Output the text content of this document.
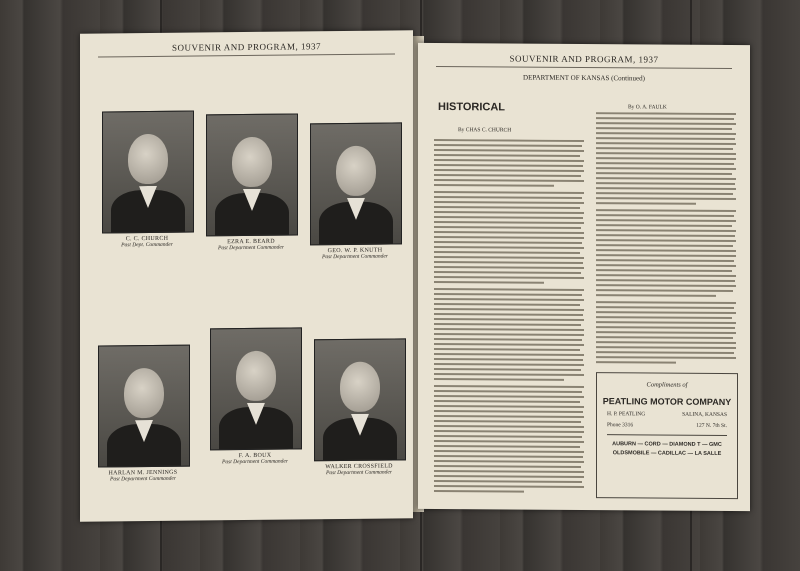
SOUVENIR AND PROGRAM, 1937
C. C. CHURCH
Past Dept. Commander	EZRA E. BEARD
Past Department Commander	GEO. W. P. KNUTH
Past Department Commander
HARLAN M. JENNINGS
Past Department Commander
F. A. BOUX
Past Department Commander
WALKER CROSSFIELD
Past Department Commander
SOUVENIR AND PROGRAM, 1937
DEPARTMENT OF KANSAS (Continued)
HISTORICAL
By CHAS C. CHURCH
By O. A. FAULK
Compliments of
PEATLING MOTOR COMPANY
H. P. PEATLING	SALINA, KANSAS
Phone 3316	127 N. 7th St.
AUBURN — CORD — DIAMOND T — GMC
OLDSMOBILE — CADILLAC — LA SALLE
